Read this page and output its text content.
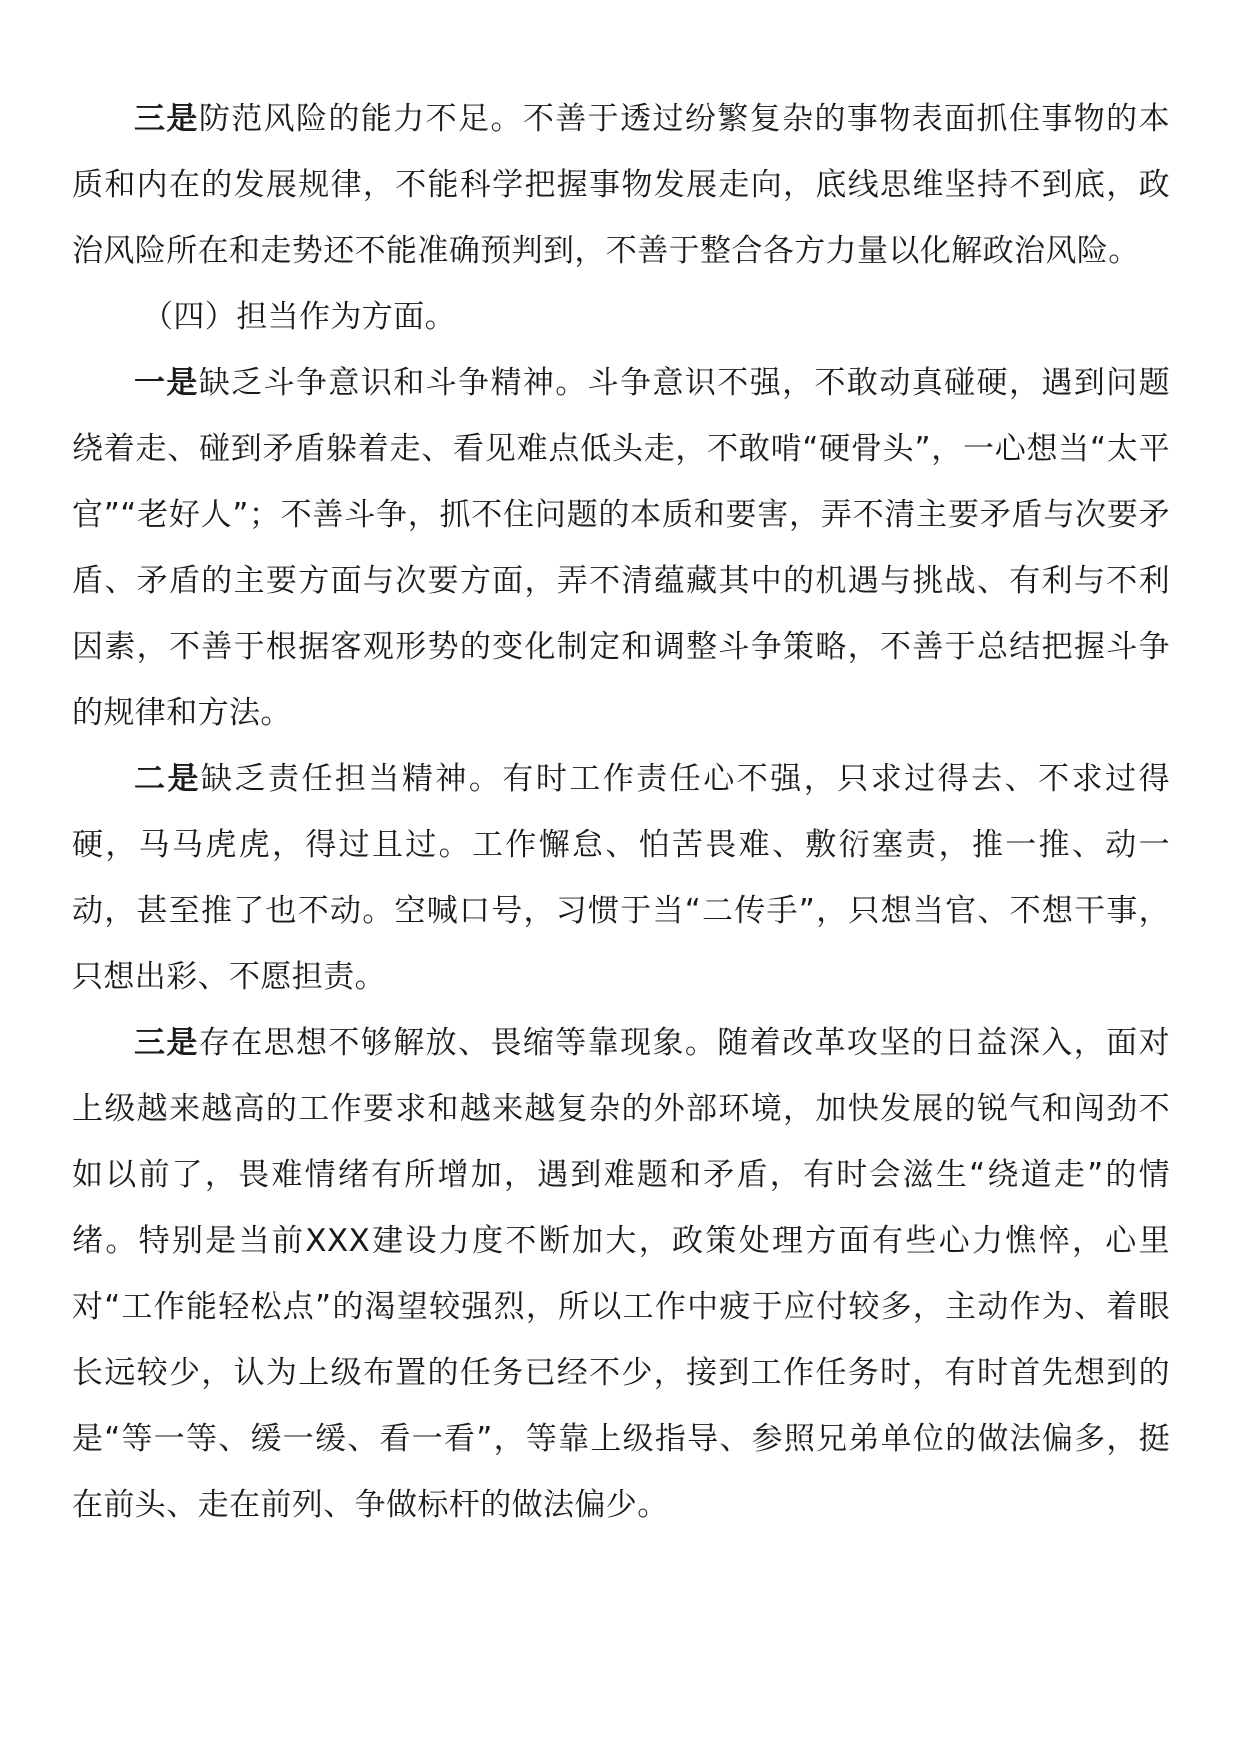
三是防范风险的能力不足。不善于透过纷繁复杂的事物表面抓住事物的本质和内在的发展规律，不能科学把握事物发展走向，底线思维坚持不到底，政治风险所在和走势还不能准确预判到，不善于整合各方力量以化解政治风险。

（四）担当作为方面。

一是缺乏斗争意识和斗争精神。斗争意识不强，不敢动真碰硬，遇到问题绕着走、碰到矛盾躲着走、看见难点低头走，不敢啃“硬骨头”，一心想当“太平官”“老好人”；不善斗争，抓不住问题的本质和要害，弄不清主要矛盾与次要矛盾、矛盾的主要方面与次要方面，弄不清蕴藏其中的机遇与挑战、有利与不利因素，不善于根据客观形势的变化制定和调整斗争策略，不善于总结把握斗争的规律和方法。

二是缺乏责任担当精神。有时工作责任心不强，只求过得去、不求过得硬，马马虎虎，得过且过。工作懈怠、怕苦畏难、敷衍塞责，推一推、动一动，甚至推了也不动。空喊口号，习惯于当“二传手”，只想当官、不想干事，只想出彩、不愿担责。

三是存在思想不够解放、畏缩等靠现象。随着改革攻坚的日益深入，面对上级越来越高的工作要求和越来越复杂的外部环境，加快发展的锐气和闯劲不如以前了，畏难情绪有所增加，遇到难题和矛盾，有时会滋生“绕道走”的情绪。特别是当前XXX建设力度不断加大，政策处理方面有些心力憔悴，心里对“工作能轻松点”的渴望较强烈，所以工作中疲于应付较多，主动作为、着眼长远较少，认为上级布置的任务已经不少，接到工作任务时，有时首先想到的是“等一等、缓一缓、看一看”，等靠上级指导、参照兄弟单位的做法偏多，挺在前头、走在前列、争做标杆的做法偏少。
